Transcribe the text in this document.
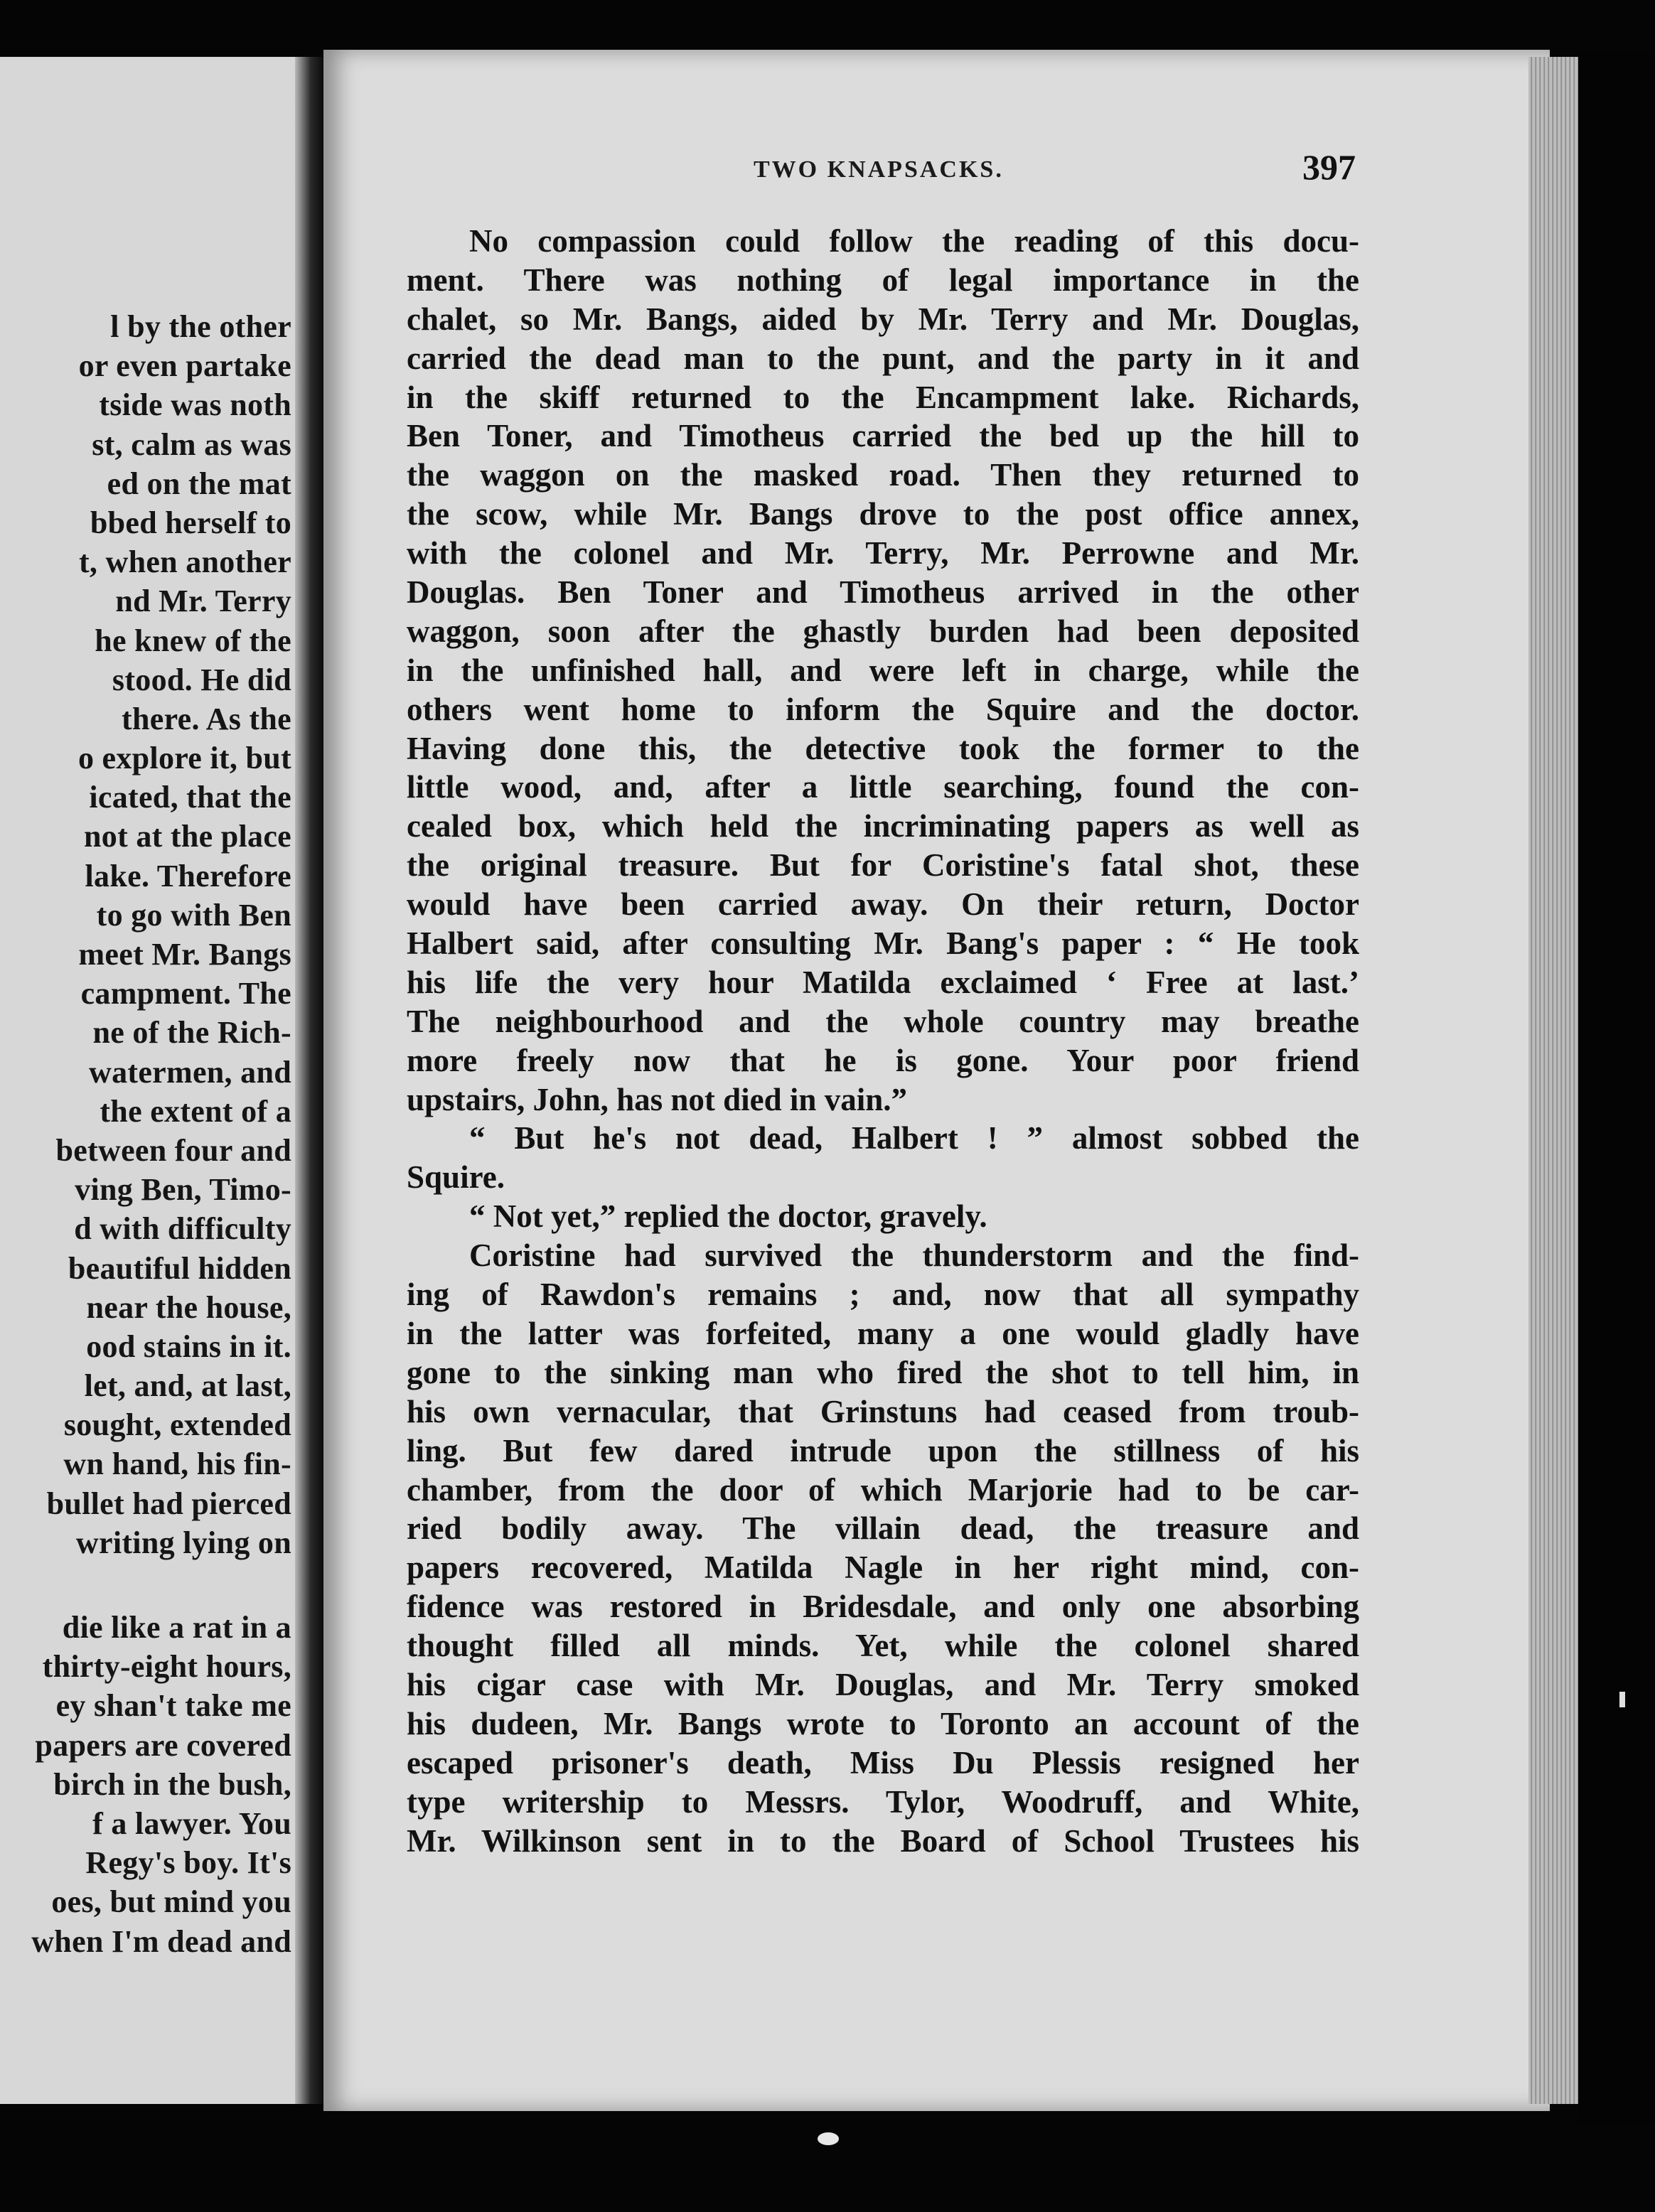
l by the other
or even partake
tside was noth
st, calm as was
ed on the mat
bbed herself to
t, when another
nd Mr. Terry
he knew of the
stood. He did
there. As the
o explore it, but
icated, that the
not at the place
lake. Therefore
to go with Ben
meet Mr. Bangs
campment. The
ne of the Rich-
watermen, and
the extent of a
between four and
ving Ben, Timo-
d with difficulty
beautiful hidden
near the house,
ood stains in it.
let, and, at last,
sought, extended
wn hand, his fin-
bullet had pierced
writing lying on
die like a rat in a
thirty-eight hours,
ey shan't take me
papers are covered
birch in the bush,
f a lawyer. You
Regy's boy. It's
oes, but mind you
when I'm dead and
TWO KNAPSACKS.	397
No compassion could follow the reading of this docu-
ment. There was nothing of legal importance in the
chalet, so Mr. Bangs, aided by Mr. Terry and Mr. Douglas,
carried the dead man to the punt, and the party in it and
in the skiff returned to the Encampment lake. Richards,
Ben Toner, and Timotheus carried the bed up the hill to
the waggon on the masked road. Then they returned to
the scow, while Mr. Bangs drove to the post office annex,
with the colonel and Mr. Terry, Mr. Perrowne and Mr.
Douglas. Ben Toner and Timotheus arrived in the other
waggon, soon after the ghastly burden had been deposited
in the unfinished hall, and were left in charge, while the
others went home to inform the Squire and the doctor.
Having done this, the detective took the former to the
little wood, and, after a little searching, found the con-
cealed box, which held the incriminating papers as well as
the original treasure. But for Coristine's fatal shot, these
would have been carried away. On their return, Doctor
Halbert said, after consulting Mr. Bang's paper : “ He took
his life the very hour Matilda exclaimed ‘ Free at last.’
The neighbourhood and the whole country may breathe
more freely now that he is gone. Your poor friend
upstairs, John, has not died in vain.”
“ But he's not dead, Halbert ! ” almost sobbed the
Squire.
“ Not yet,” replied the doctor, gravely.
Coristine had survived the thunderstorm and the find-
ing of Rawdon's remains ; and, now that all sympathy
in the latter was forfeited, many a one would gladly have
gone to the sinking man who fired the shot to tell him, in
his own vernacular, that Grinstuns had ceased from troub-
ling. But few dared intrude upon the stillness of his
chamber, from the door of which Marjorie had to be car-
ried bodily away. The villain dead, the treasure and
papers recovered, Matilda Nagle in her right mind, con-
fidence was restored in Bridesdale, and only one absorbing
thought filled all minds. Yet, while the colonel shared
his cigar case with Mr. Douglas, and Mr. Terry smoked
his dudeen, Mr. Bangs wrote to Toronto an account of the
escaped prisoner's death, Miss Du Plessis resigned her
type writership to Messrs. Tylor, Woodruff, and White,
Mr. Wilkinson sent in to the Board of School Trustees his
